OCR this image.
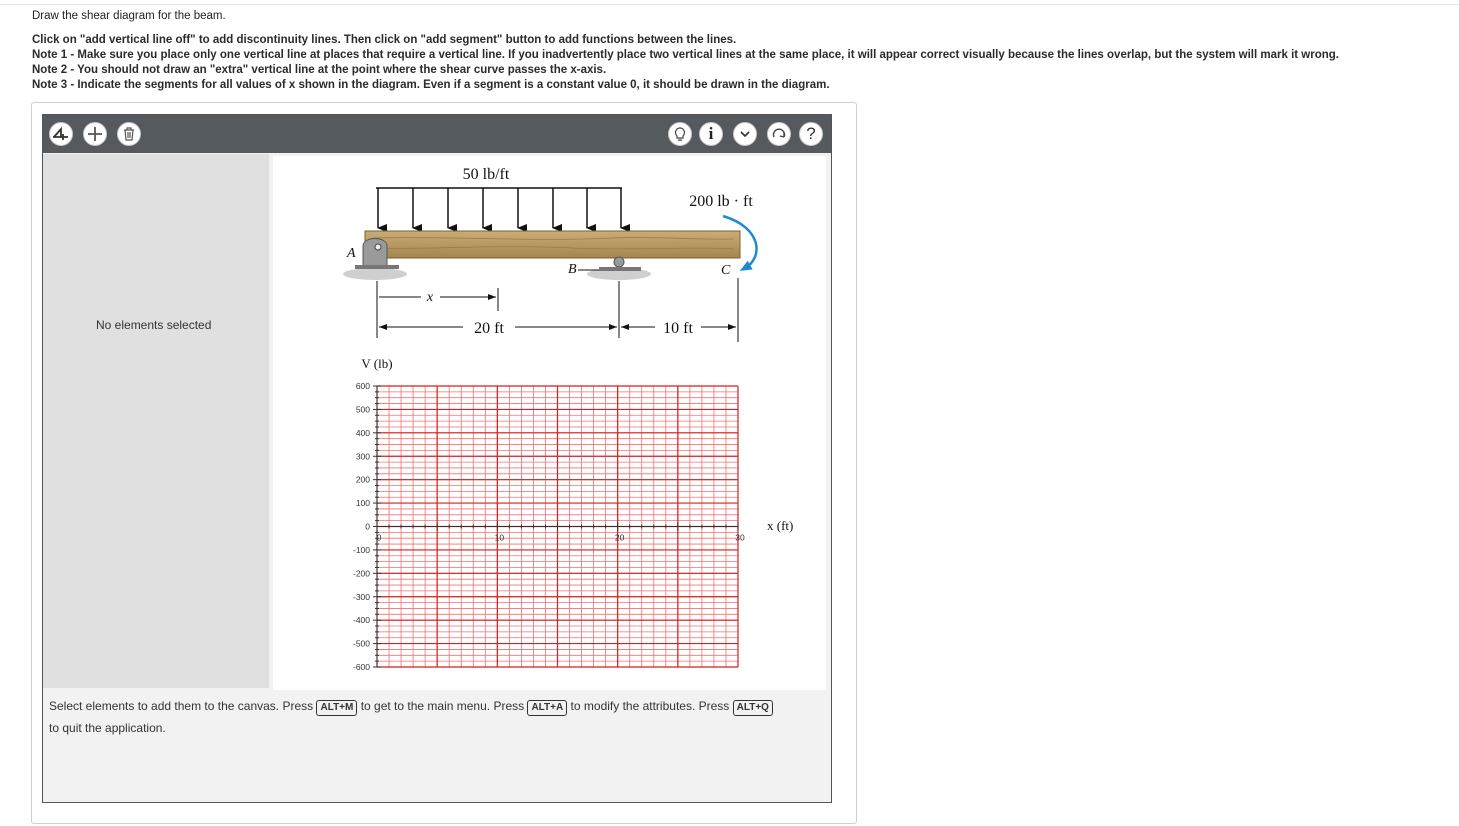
Draw the shear diagram for the beam.
Click on "add vertical line off" to add discontinuity lines. Then click on "add segment" button to add functions between the lines.
Note 1 - Make sure you place only one vertical line at places that require a vertical line. If you inadvertently place two vertical lines at the same place, it will appear correct visually because the lines overlap, but the system will mark it wrong.
Note 2 - You should not draw an "extra" vertical line at the point where the shear curve passes the x-axis.
Note 3 - Indicate the segments for all values of x shown in the diagram. Even if a segment is a constant value 0, it should be drawn in the diagram.
i	?
No elements selected
50 lb/ft
200 lb · ft
A
B	C
x
20 ft	10 ft
V (lb)
x (ft)
600
500
400
300
200
100
0
-100
-200
-300
-400
-500
-600
0	10	20	30
Select elements to add them to the canvas. Press ALT+M to get to the main menu. Press ALT+A to modify the attributes. Press ALT+Q
to quit the application.
